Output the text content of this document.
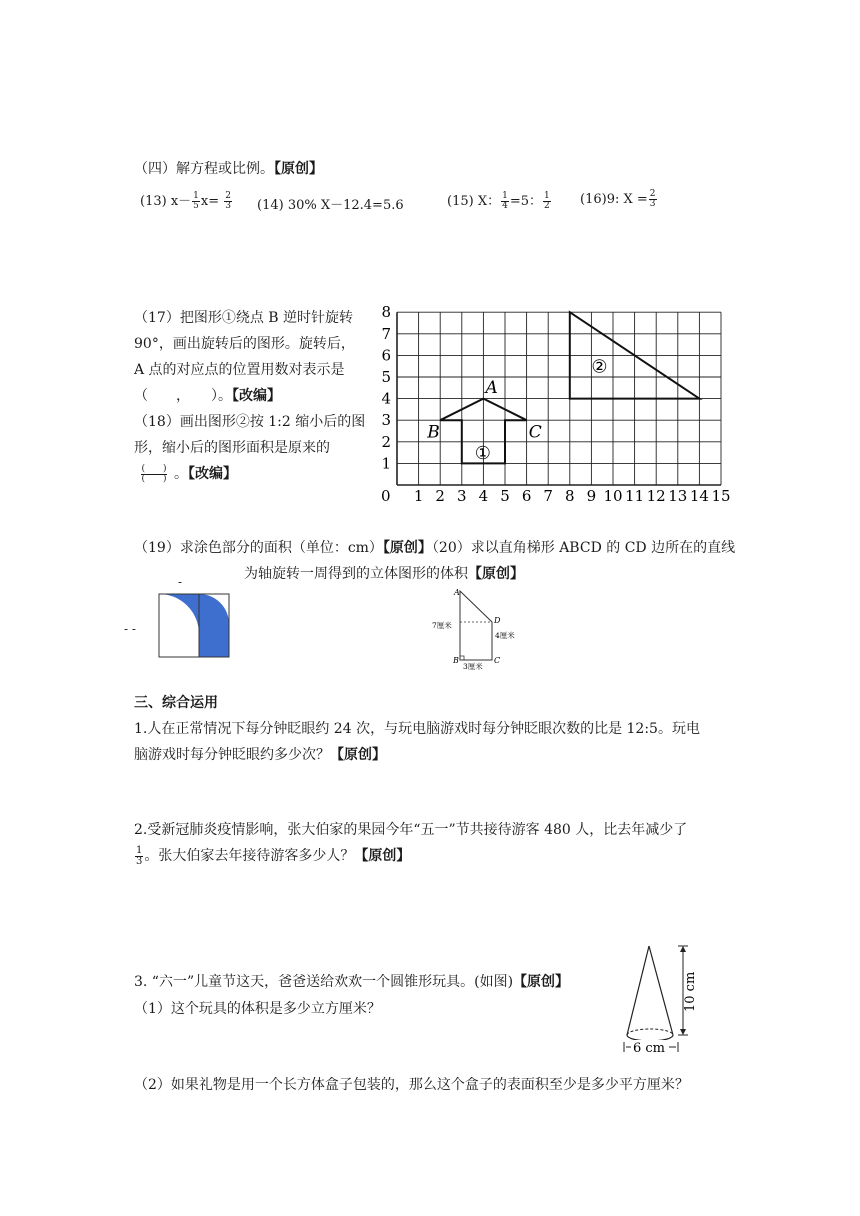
（四）解方程或比例。【原创】
(13) $x- \frac{1}{5} x= \frac{2}{3} (14)$ 30% X－12.4=5.6	(15) X： $\frac{1}{4} =5$： $\frac{1}{2} (16)9$: $X = \frac{2}{3}$
（17）把图形①绕点 B 逆时针旋转
90°，画出旋转后的图形。旋转后，
A 点的对应点的位置用数对表示是
（　　，　　）。【改编】
（18）画出图形②按 1:2 缩小后的图
形，缩小后的图形面积是原来的
$\frac{( )}{( )}$。【改编】
0 1 2 3 4 5 6 7 8 9 10 11 12 13 14 15
1
2
3
4
5
6
7
8
A
B	C
①
②
（19）求涂色部分的面积（单位：cm）【原创】（20）求以直角梯形 ABCD 的 CD 边所在的直线
为轴旋转一周得到的立体图形的体积【原创】
-
- -
A
B	C
D
7厘米
4厘米
3厘米
三、综合运用
1.人在正常情况下每分钟眨眼约 24 次，与玩电脑游戏时每分钟眨眼次数的比是 12:5。玩电
脑游戏时每分钟眨眼约多少次？【原创】
2.受新冠肺炎疫情影响，张大伯家的果园今年“五一”节共接待游客 480 人，比去年减少了
$\frac{1}{3}$ 。张大伯家去年接待游客多少人？【原创】
3. “六一”儿童节这天，爸爸送给欢欢一个圆锥形玩具。(如图)【原创】
（1）这个玩具的体积是多少立方厘米？
（2）如果礼物是用一个长方体盒子包装的，那么这个盒子的表面积至少是多少平方厘米？
10 cm
6 cm
